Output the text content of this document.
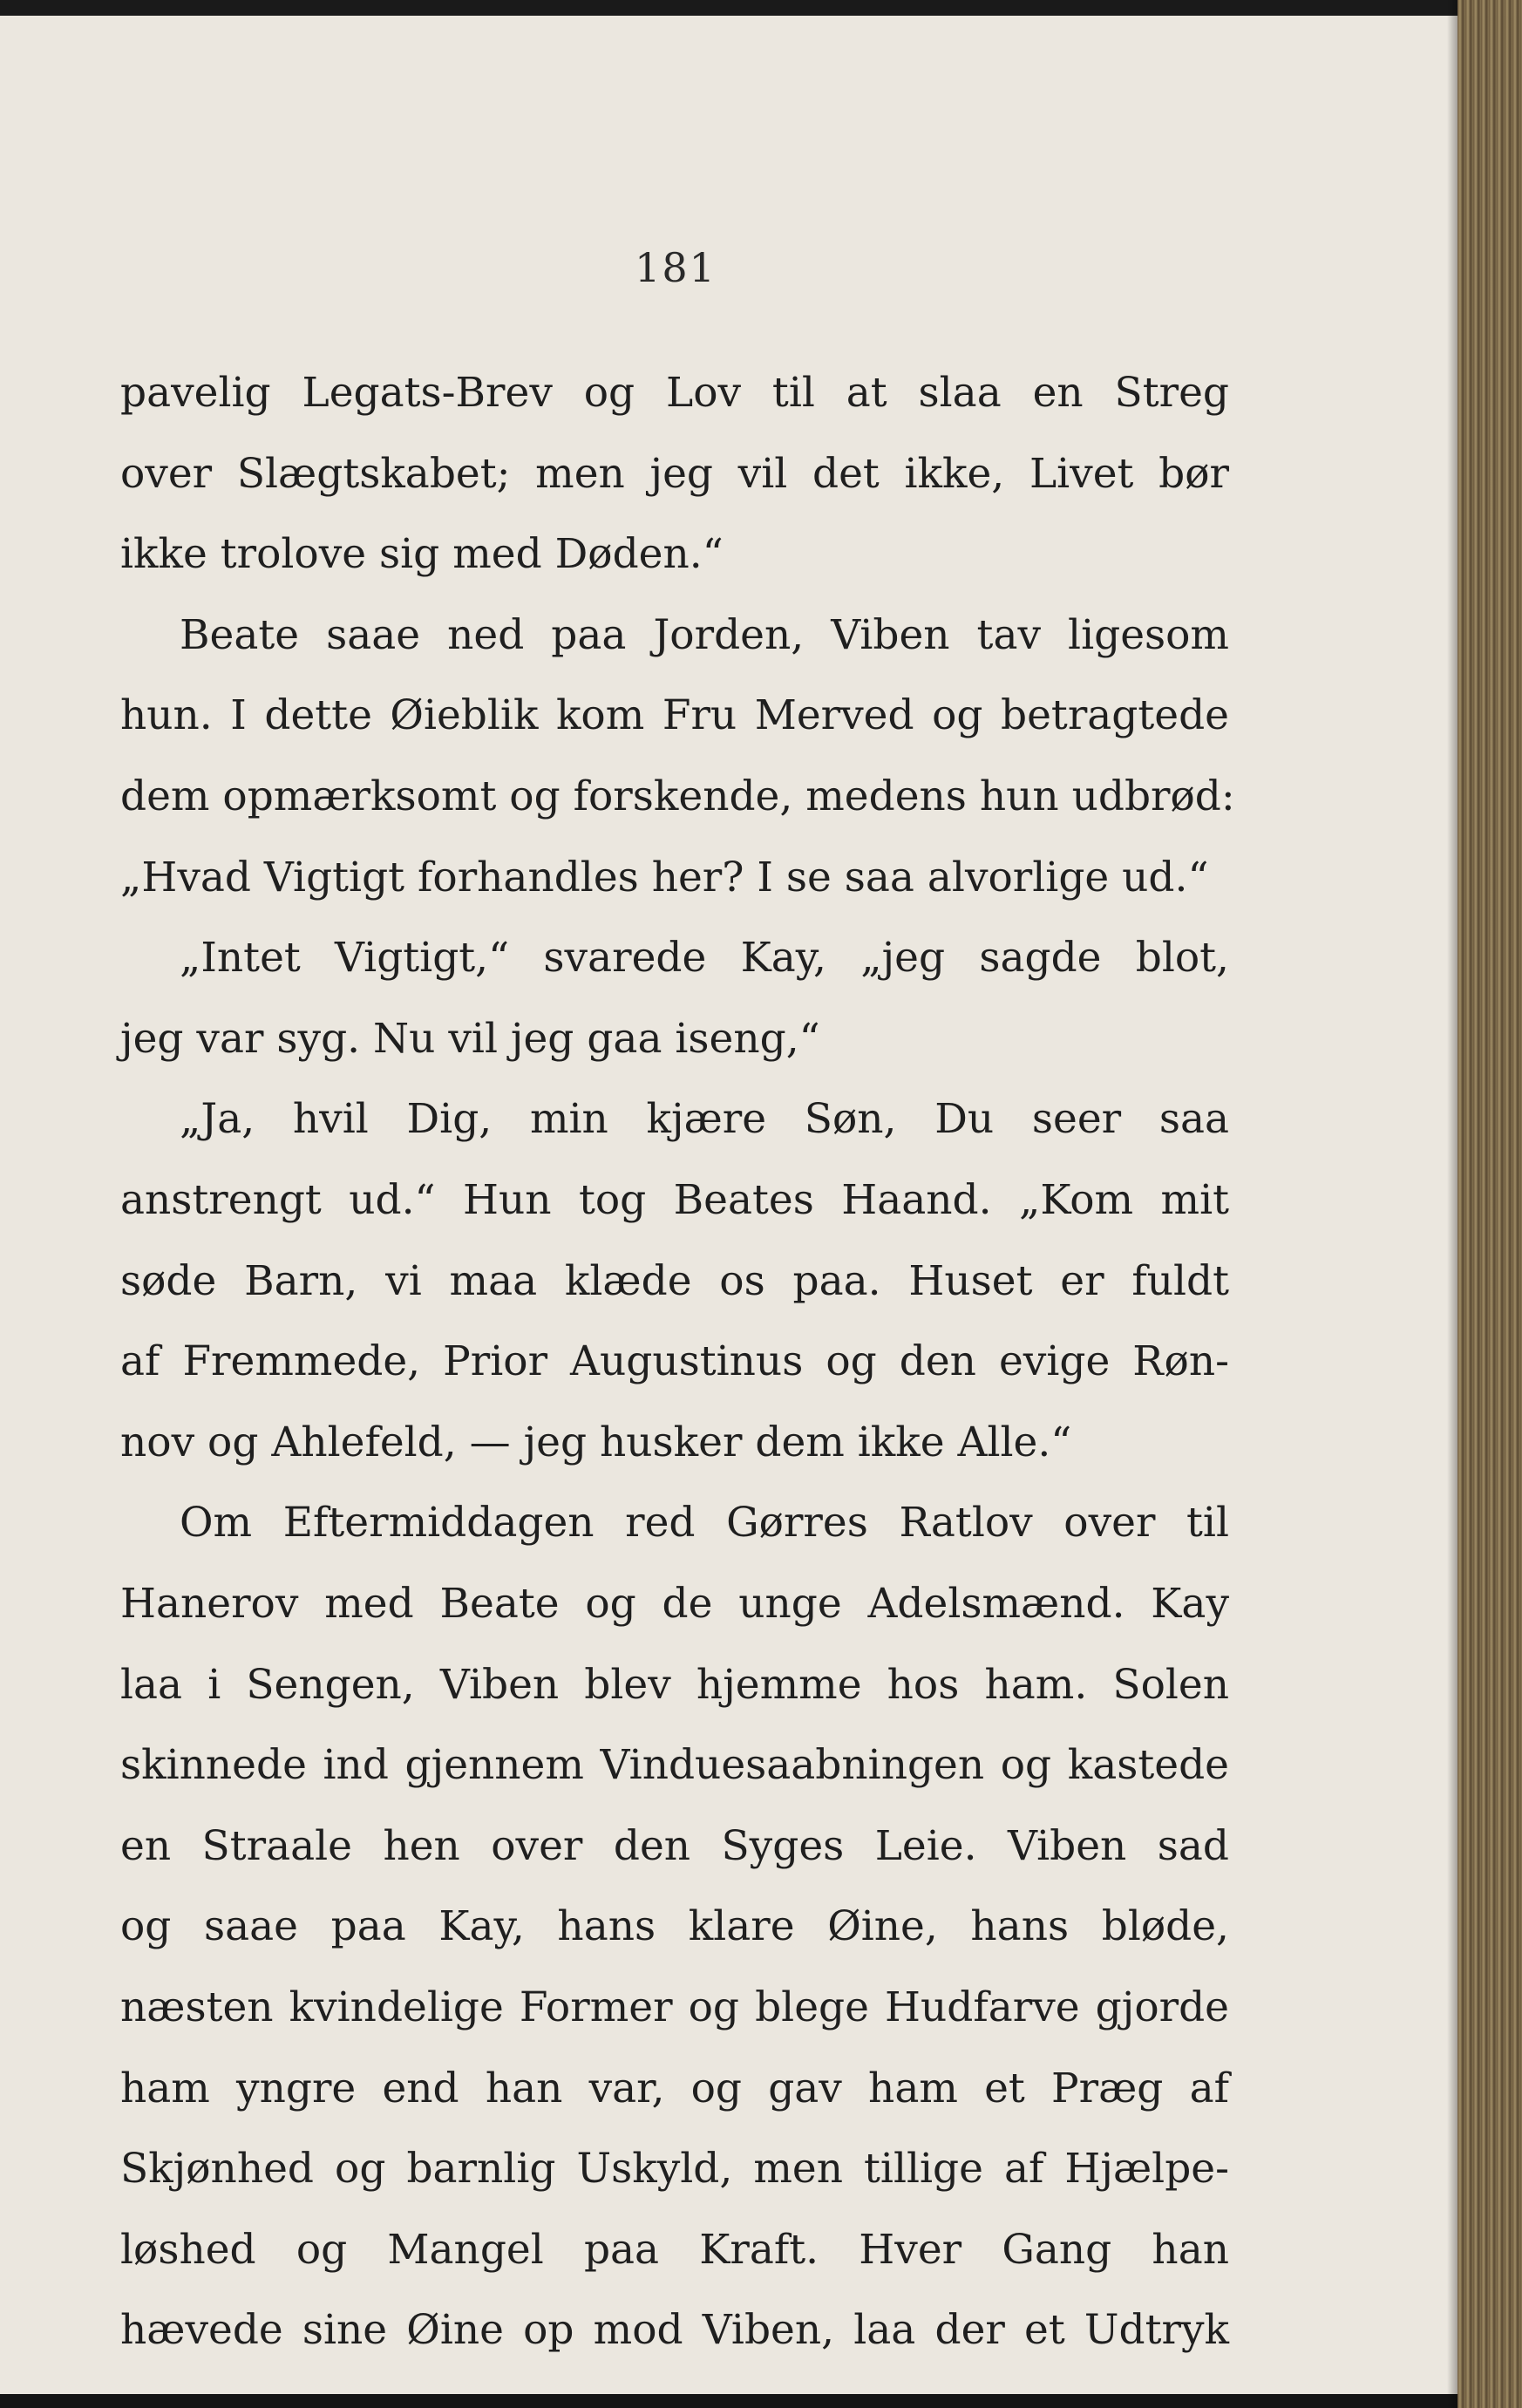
181
pavelig Legats-Brev og Lov til at slaa en Streg
over Slægtskabet; men jeg vil det ikke, Livet bør
ikke trolove sig med Døden.“
Beate saae ned paa Jorden, Viben tav ligesom
hun. I dette Øieblik kom Fru Merved og betragtede
dem opmærksomt og forskende, medens hun udbrød:
„Hvad Vigtigt forhandles her? I se saa alvorlige ud.“
„Intet Vigtigt,“ svarede Kay, „jeg sagde blot,
jeg var syg. Nu vil jeg gaa iseng,“
„Ja, hvil Dig, min kjære Søn, Du seer saa
anstrengt ud.“ Hun tog Beates Haand. „Kom mit
søde Barn, vi maa klæde os paa. Huset er fuldt
af Fremmede, Prior Augustinus og den evige Røn-
nov og Ahlefeld, — jeg husker dem ikke Alle.“
Om Eftermiddagen red Gørres Ratlov over til
Hanerov med Beate og de unge Adelsmænd. Kay
laa i Sengen, Viben blev hjemme hos ham. Solen
skinnede ind gjennem Vinduesaabningen og kastede
en Straale hen over den Syges Leie. Viben sad
og saae paa Kay, hans klare Øine, hans bløde,
næsten kvindelige Former og blege Hudfarve gjorde
ham yngre end han var, og gav ham et Præg af
Skjønhed og barnlig Uskyld, men tillige af Hjælpe-
løshed og Mangel paa Kraft. Hver Gang han
hævede sine Øine op mod Viben, laa der et Udtryk
